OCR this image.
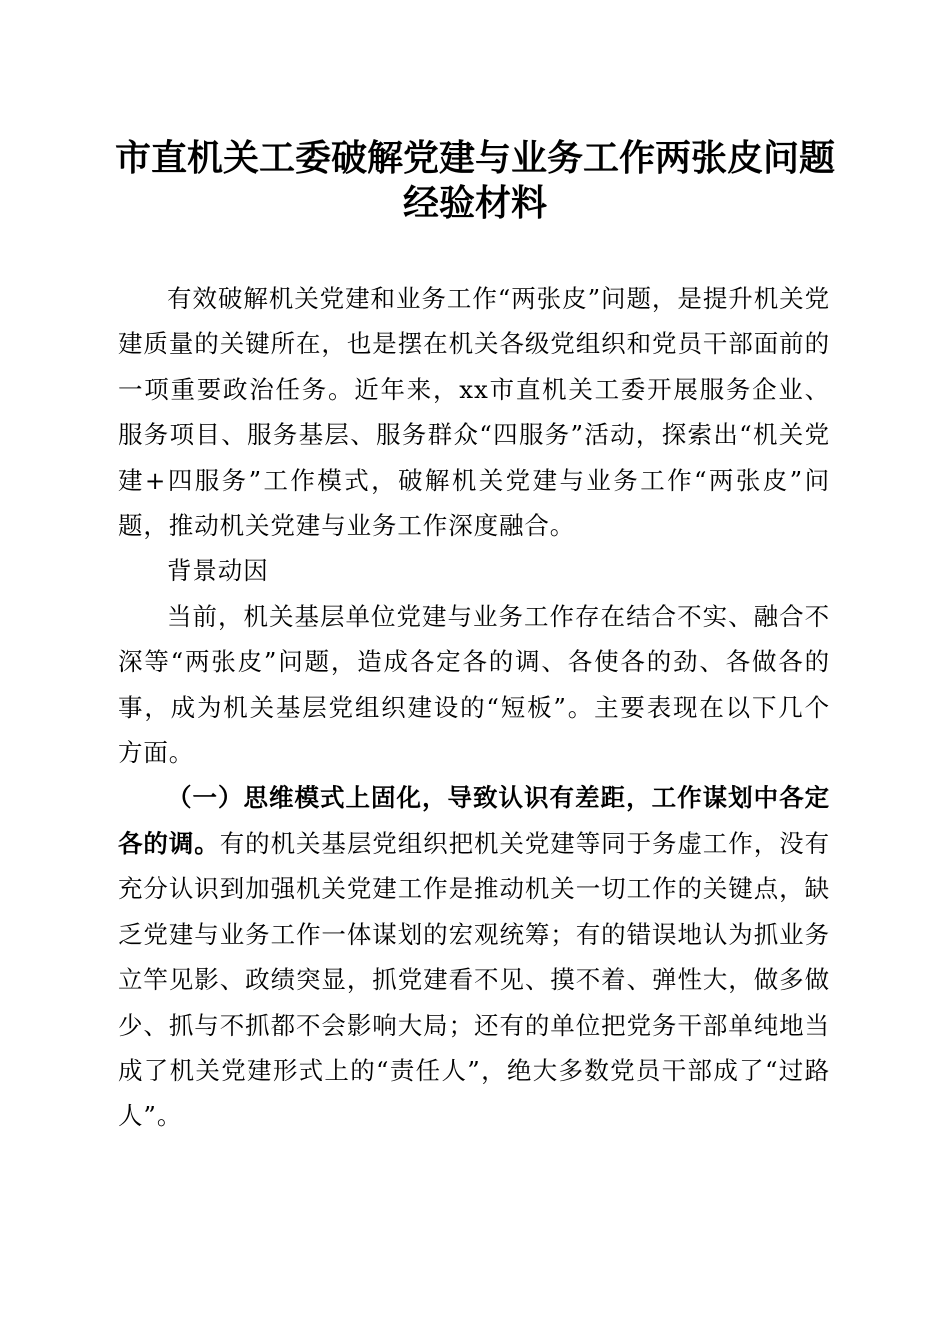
市直机关工委破解党建与业务工作两张皮问题
经验材料

有效破解机关党建和业务工作“两张皮”问题，是提升机关党建质量的关键所在，也是摆在机关各级党组织和党员干部面前的一项重要政治任务。近年来，xx市直机关工委开展服务企业、服务项目、服务基层、服务群众“四服务”活动，探索出“机关党建+四服务”工作模式，破解机关党建与业务工作“两张皮”问题，推动机关党建与业务工作深度融合。

背景动因

当前，机关基层单位党建与业务工作存在结合不实、融合不深等“两张皮”问题，造成各定各的调、各使各的劲、各做各的事，成为机关基层党组织建设的“短板”。主要表现在以下几个方面。

（一）思维模式上固化，导致认识有差距，工作谋划中各定各的调。有的机关基层党组织把机关党建等同于务虚工作，没有充分认识到加强机关党建工作是推动机关一切工作的关键点，缺乏党建与业务工作一体谋划的宏观统筹；有的错误地认为抓业务立竿见影、政绩突显，抓党建看不见、摸不着、弹性大，做多做少、抓与不抓都不会影响大局；还有的单位把党务干部单纯地当成了机关党建形式上的“责任人”，绝大多数党员干部成了“过路人”。
